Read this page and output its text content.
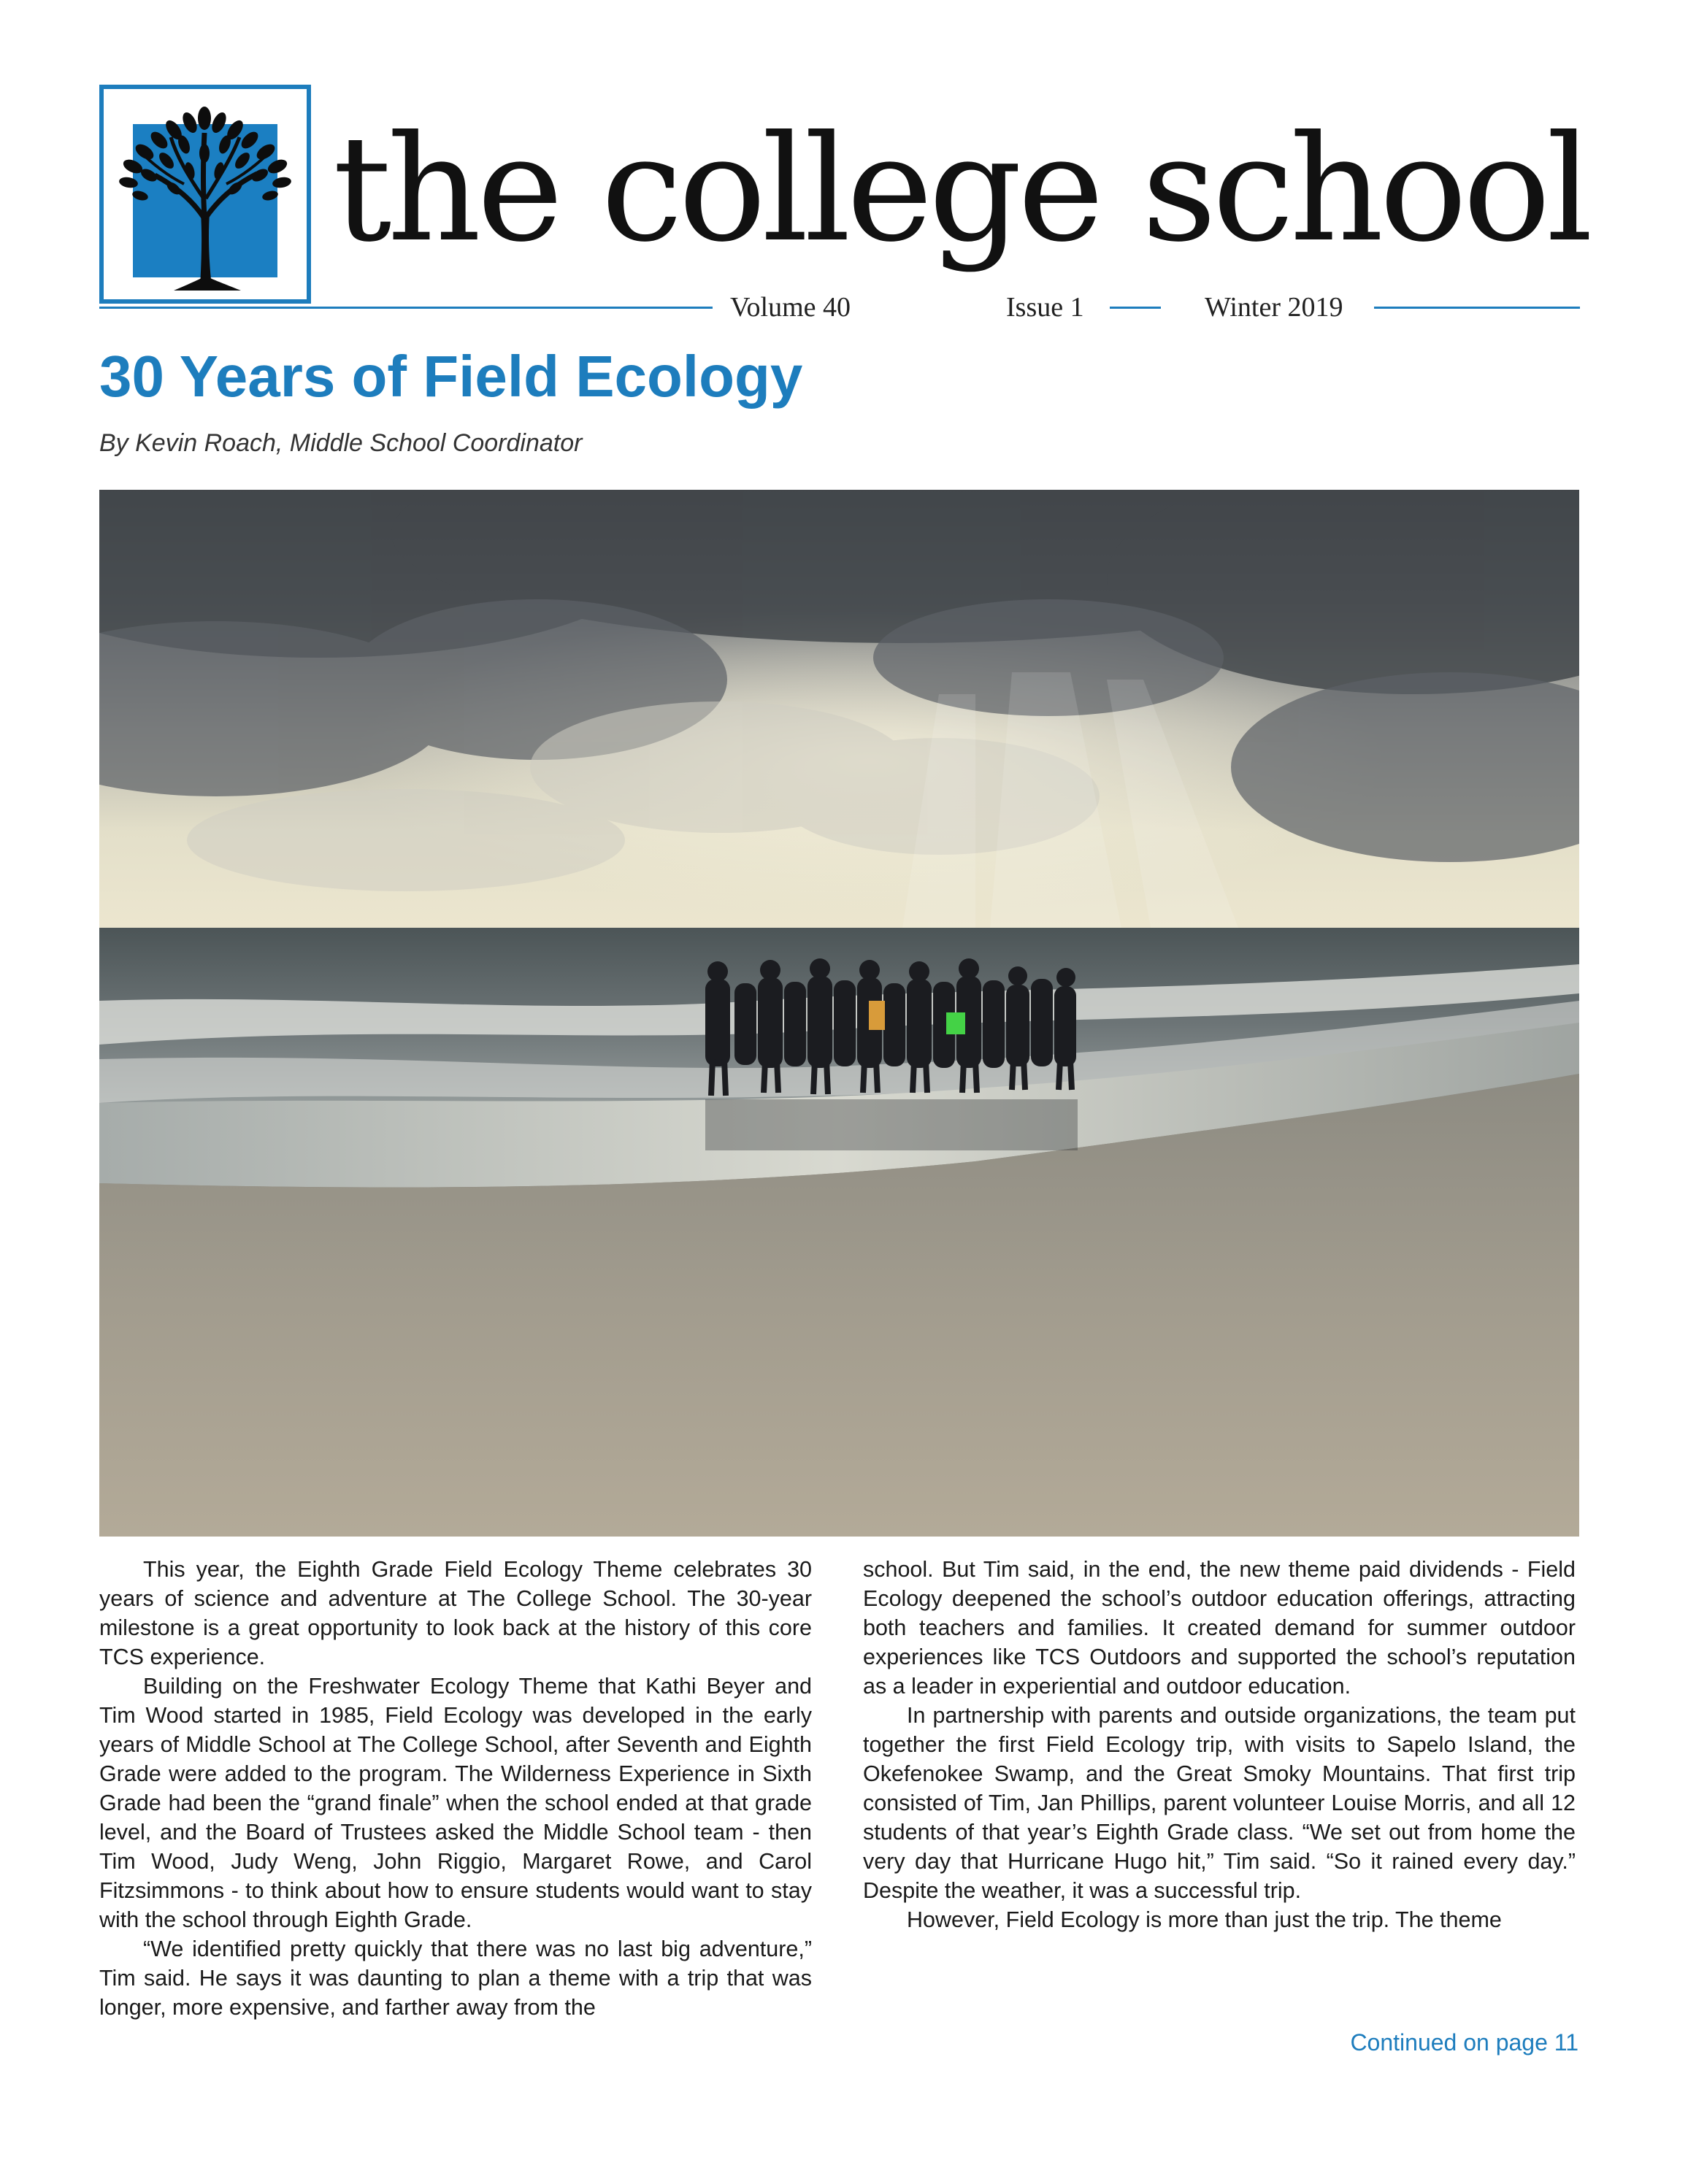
the college school
Volume 40	Issue 1	Winter 2019
30 Years of Field Ecology

By Kevin Roach, Middle School Coordinator

This year, the Eighth Grade Field Ecology Theme celebrates 30 years of science and adventure at The College School. The 30-year milestone is a great opportunity to look back at the history of this core TCS experience.

Building on the Freshwater Ecology Theme that Kathi Beyer and Tim Wood started in 1985, Field Ecology was developed in the early years of Middle School at The College School, after Seventh and Eighth Grade were added to the program. The Wilderness Experience in Sixth Grade had been the “grand finale” when the school ended at that grade level, and the Board of Trustees asked the Middle School team - then Tim Wood, Judy Weng, John Riggio, Margaret Rowe, and Carol Fitzsimmons - to think about how to ensure students would want to stay with the school through Eighth Grade.

“We identified pretty quickly that there was no last big adventure,” Tim said. He says it was daunting to plan a theme with a trip that was longer, more expensive, and farther away from the

school. But Tim said, in the end, the new theme paid dividends - Field Ecology deepened the school’s outdoor education offerings, attracting both teachers and families. It created demand for summer outdoor experiences like TCS Outdoors and supported the school’s reputation as a leader in experiential and outdoor education.

In partnership with parents and outside organizations, the team put together the first Field Ecology trip, with visits to Sapelo Island, the Okefenokee Swamp, and the Great Smoky Mountains. That first trip consisted of Tim, Jan Phillips, parent volunteer Louise Morris, and all 12 students of that year’s Eighth Grade class. “We set out from home the very day that Hurricane Hugo hit,” Tim said. “So it rained every day.” Despite the weather, it was a successful trip.

However, Field Ecology is more than just the trip. The theme

Continued on page 11
